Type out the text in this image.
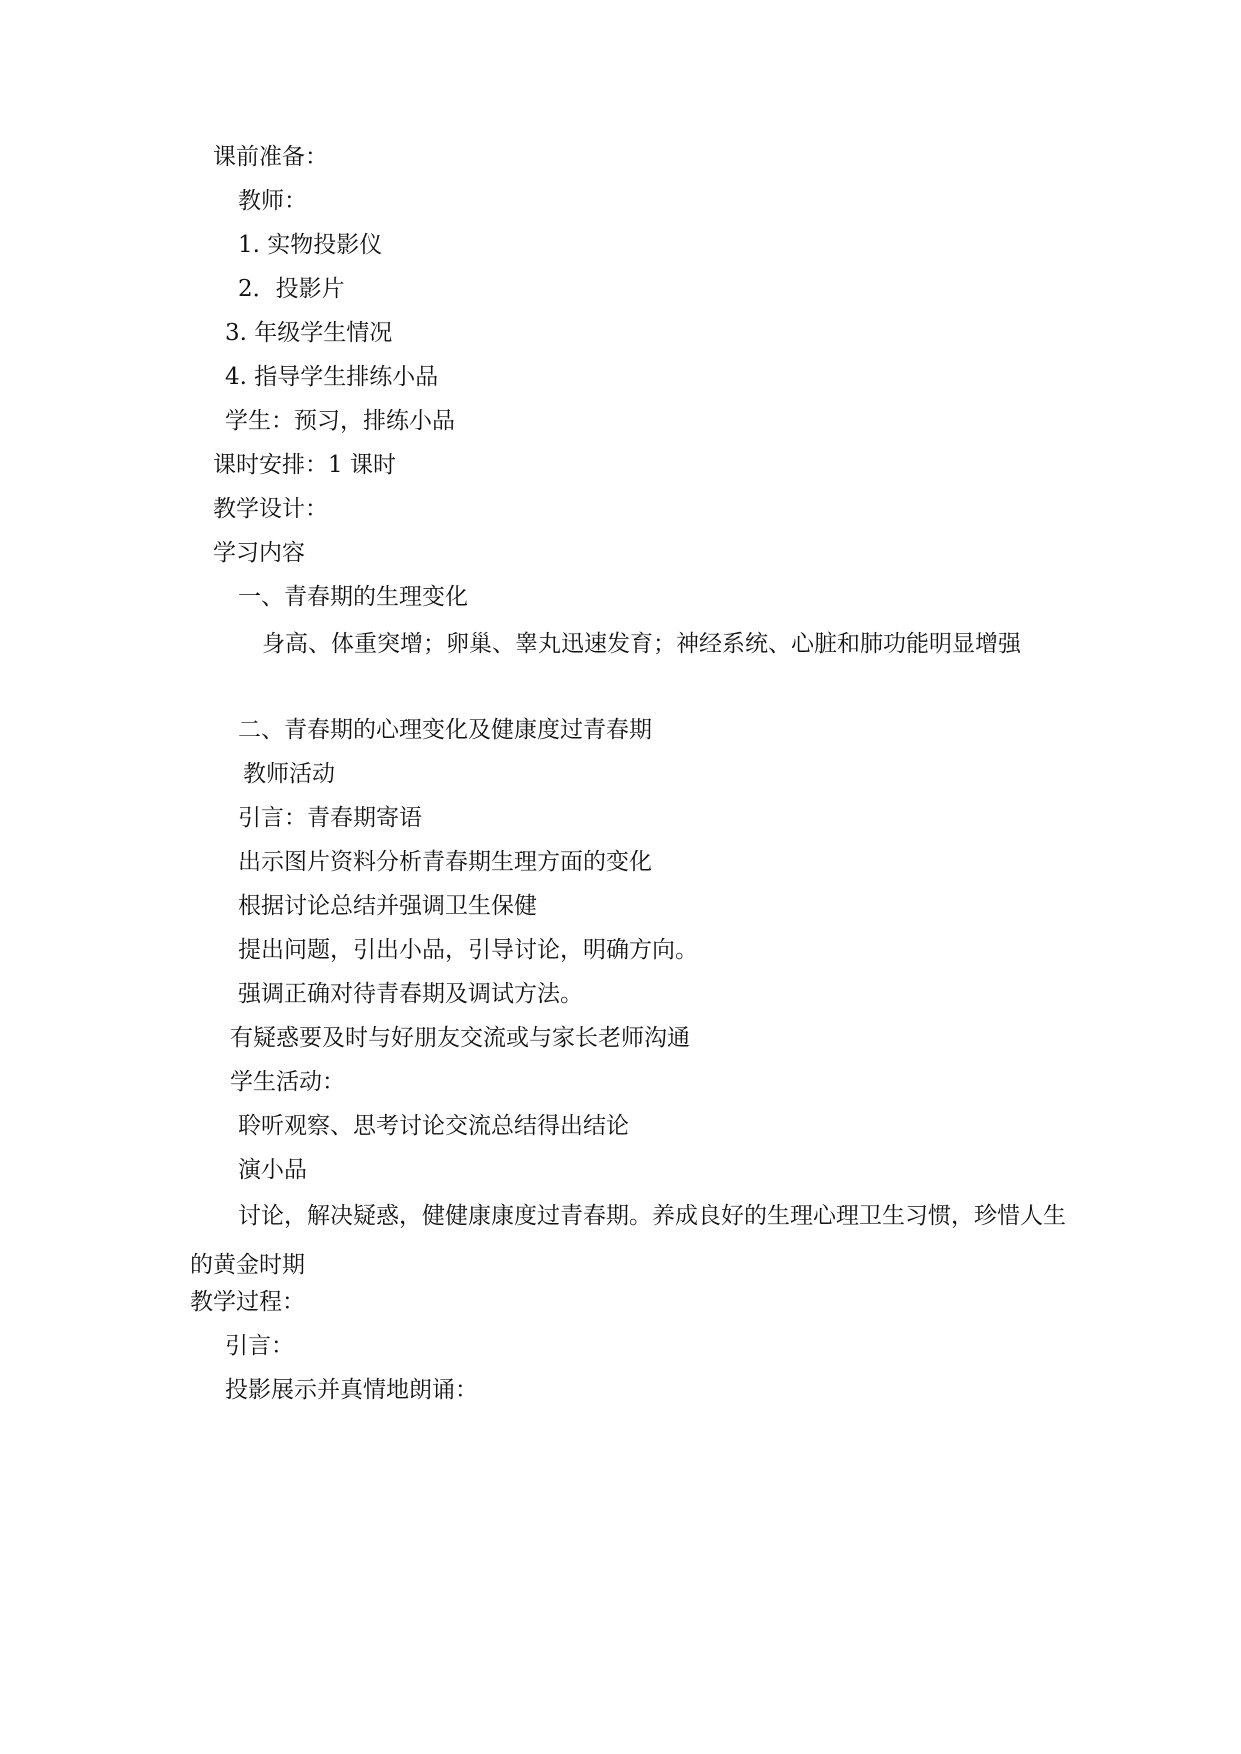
课前准备：
教师：
1. 实物投影仪
2．投影片
3. 年级学生情况
4. 指导学生排练小品
学生：预习，排练小品
课时安排：1 课时
教学设计：
学习内容
一、青春期的生理变化
身高、体重突增；卵巢、睾丸迅速发育；神经系统、心脏和肺功能明显增强
二、青春期的心理变化及健康度过青春期
教师活动
引言：青春期寄语
出示图片资料分析青春期生理方面的变化
根据讨论总结并强调卫生保健
提出问题，引出小品，引导讨论，明确方向。
强调正确对待青春期及调试方法。
有疑惑要及时与好朋友交流或与家长老师沟通
学生活动：
聆听观察、思考讨论交流总结得出结论
演小品
讨论，解决疑惑，健健康康度过青春期。养成良好的生理心理卫生习惯，珍惜人生的黄金时期
教学过程：
引言：
投影展示并真情地朗诵：
